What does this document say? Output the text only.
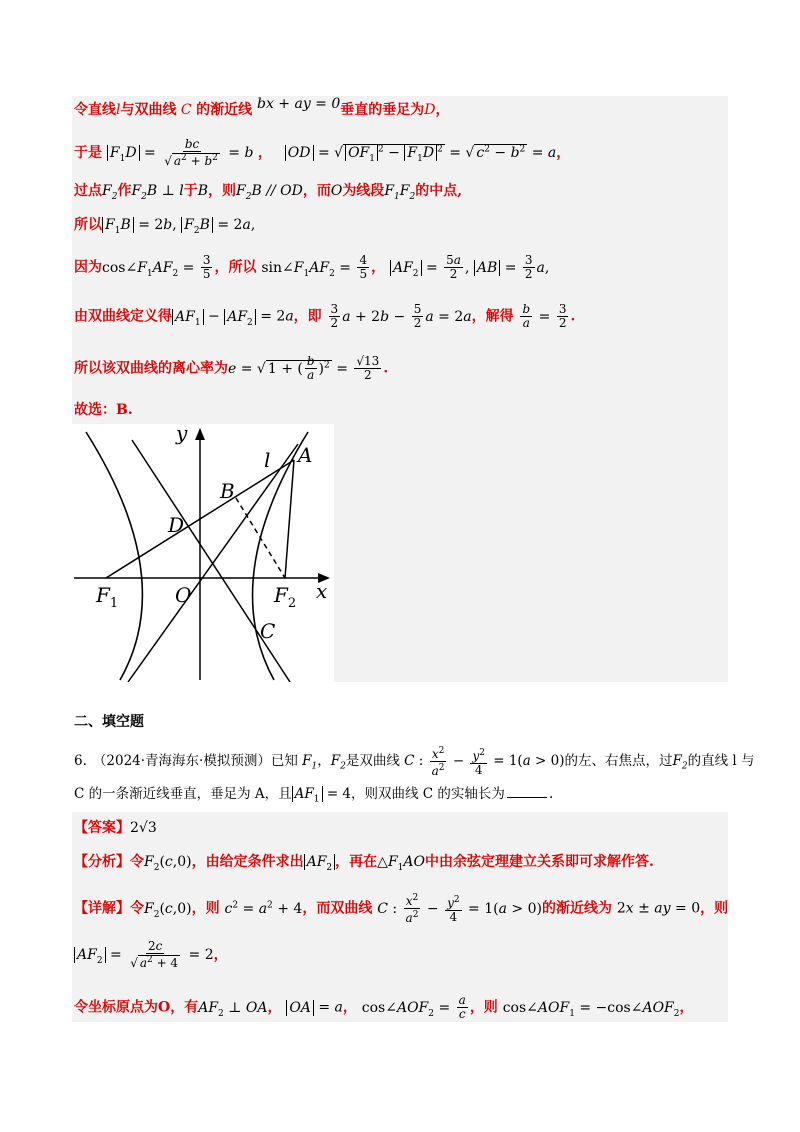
令直线l与双曲线 C 的渐近线 bx + ay = 0垂直的垂足为D，
于是 $F_1D = \frac{bc}{√ a^2 + b^2} = b$ ， OD = √ $OF_1^2 - F_1D$ $^2$ = √ $c^2 - b^2 = a$，
过点$F_2$作$F_2B$ ⊥ l于B，则$F_2B$ // OD，而O为线段$F_1F_2$的中点,
所以 $F_1B = 2b$, $F_2B = 2a$,
因为$\cos\angle F_1AF_2 = \frac{3}{5}$ ，所以 $\sin\angle F_1AF_2 = \frac{4}{5}$ ， $AF_2 = \frac{5a}{2}$ , AB = $\frac{3}{2} a$,
由双曲线定义得 $AF_1 - AF_2 = 2a$，即 $\frac{3}{2}$ $a + 2b - \frac{5}{2}$ a = 2a，解得 $\frac{b}{a} = \frac{3}{2}$ .
所以该双曲线的离心率为e = √ 1 + ( $\frac{b}{a} )^2 = \frac{√13}{2}$ .
故选：B.
y
x
l A
B
D
O
$F_1$	$F_2$
C
二、填空题
6. （2024·青海海东·模拟预测）已知 $F_1$，$F_2$是双曲线 C : $\frac{x^2}{a^2} - \frac{y^2}{4} = 1(a > 0)$的左、右焦点，过$F_2$的直线 l 与
C 的一条渐近线垂直，垂足为 A，且 $AF_1 = 4$，则双曲线 C 的实轴长为	.
【答案】2√3
【分析】令$F_2(c,0)$，由给定条件求出 $AF_2$ ，再在$\triangle F_1AO$中由余弦定理建立关系即可求解作答.
【详解】令$F_2(c,0)$，则 $c^2 = a^2 + 4$，而双曲线 C : $\frac{x^2}{a^2} - \frac{y^2}{4} = 1(a > 0)$的渐近线为 2x ± ay = 0，则
$AF_2 = \frac{2c}{√ a^2 + 4} = 2$，
令坐标原点为O，有$AF_2$ ⊥ OA， OA = a， $\cos\angle AOF_2 = \frac{a}{c}$ ，则 $\cos\angle AOF_1$ = $-\cos\angle AOF_2$，
